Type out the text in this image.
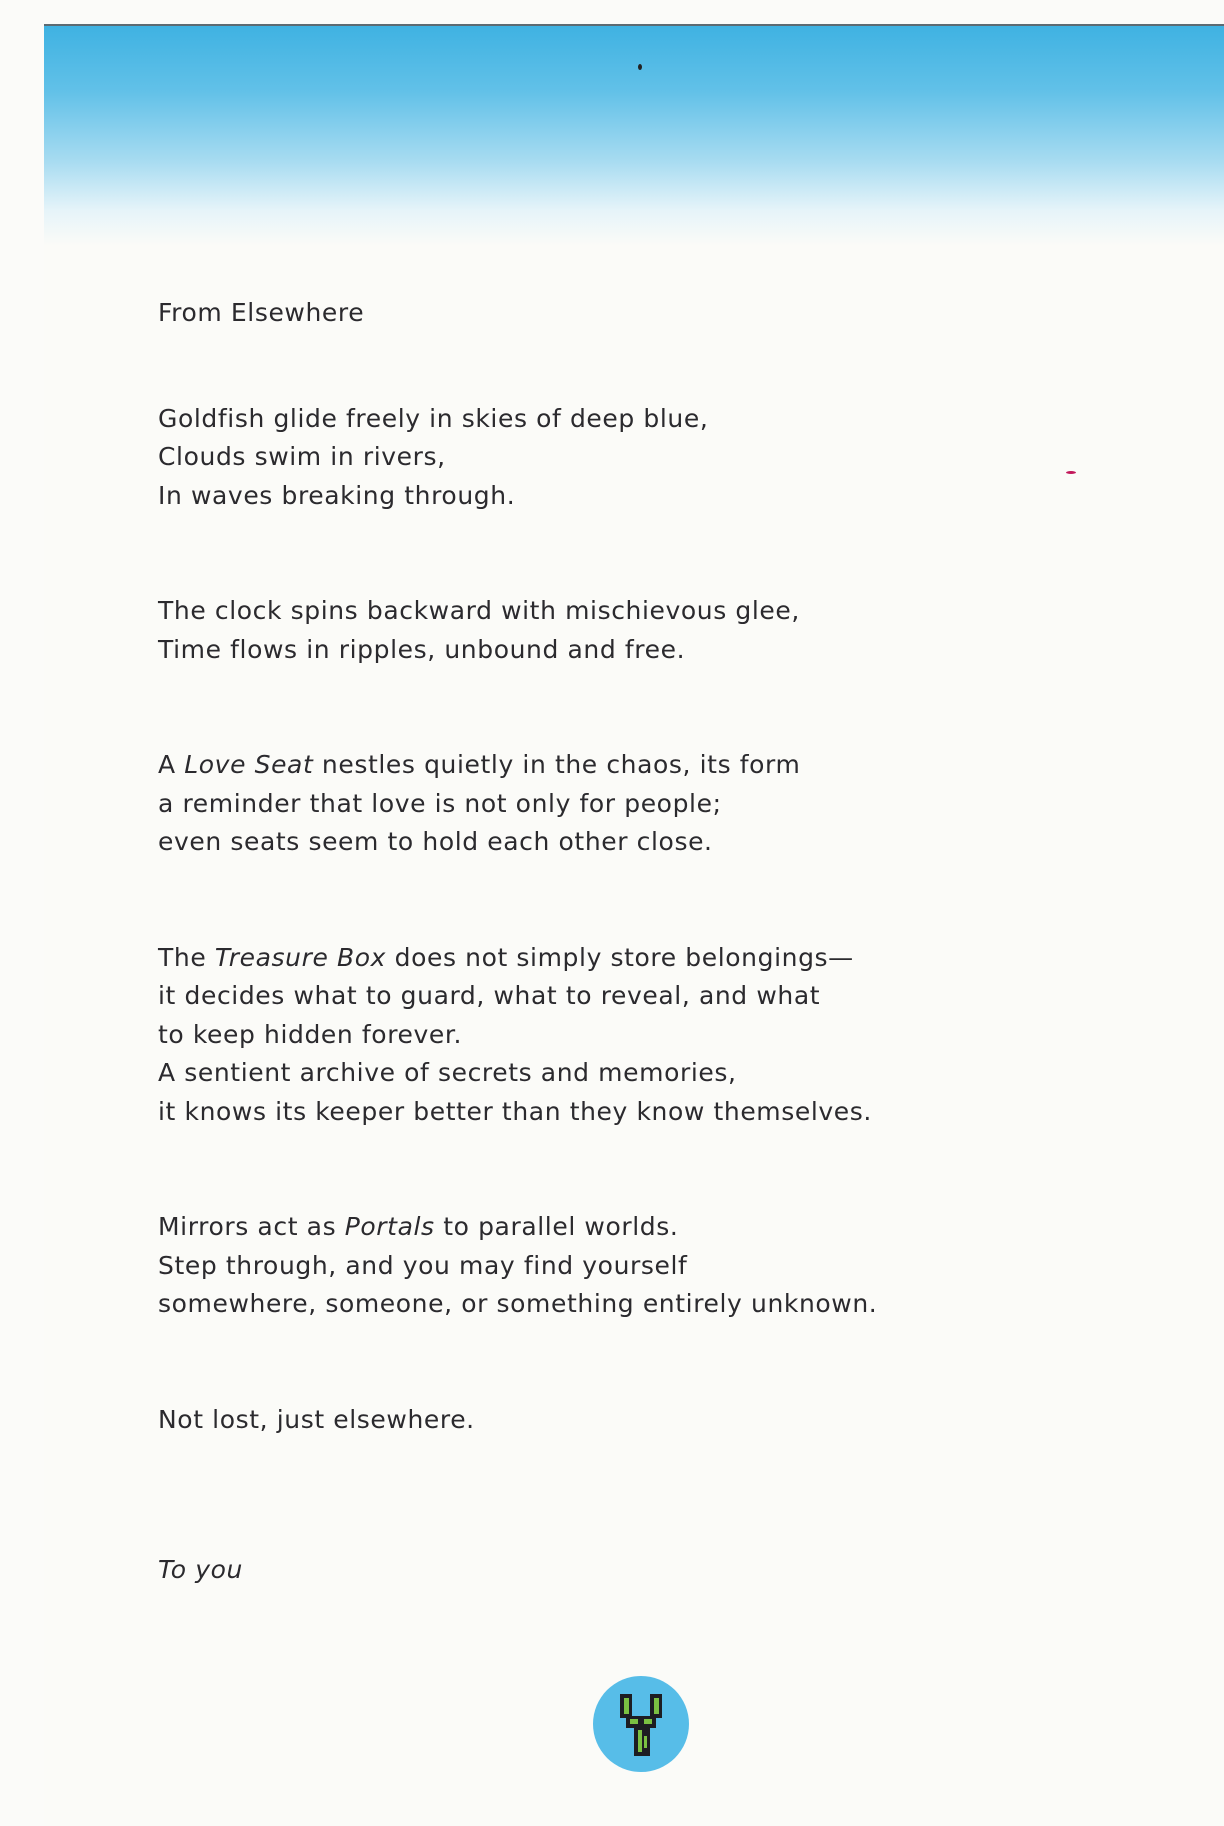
From Elsewhere

Goldfish glide freely in skies of deep blue,
Clouds swim in rivers,
In waves breaking through.

The clock spins backward with mischievous glee,
Time flows in ripples, unbound and free.

A Love Seat nestles quietly in the chaos, its form
a reminder that love is not only for people;
even seats seem to hold each other close.

The Treasure Box does not simply store belongings—
it decides what to guard, what to reveal, and what
to keep hidden forever.
A sentient archive of secrets and memories,
it knows its keeper better than they know themselves.

Mirrors act as Portals to parallel worlds.
Step through, and you may find yourself
somewhere, someone, or something entirely unknown.

Not lost, just elsewhere.

To you
